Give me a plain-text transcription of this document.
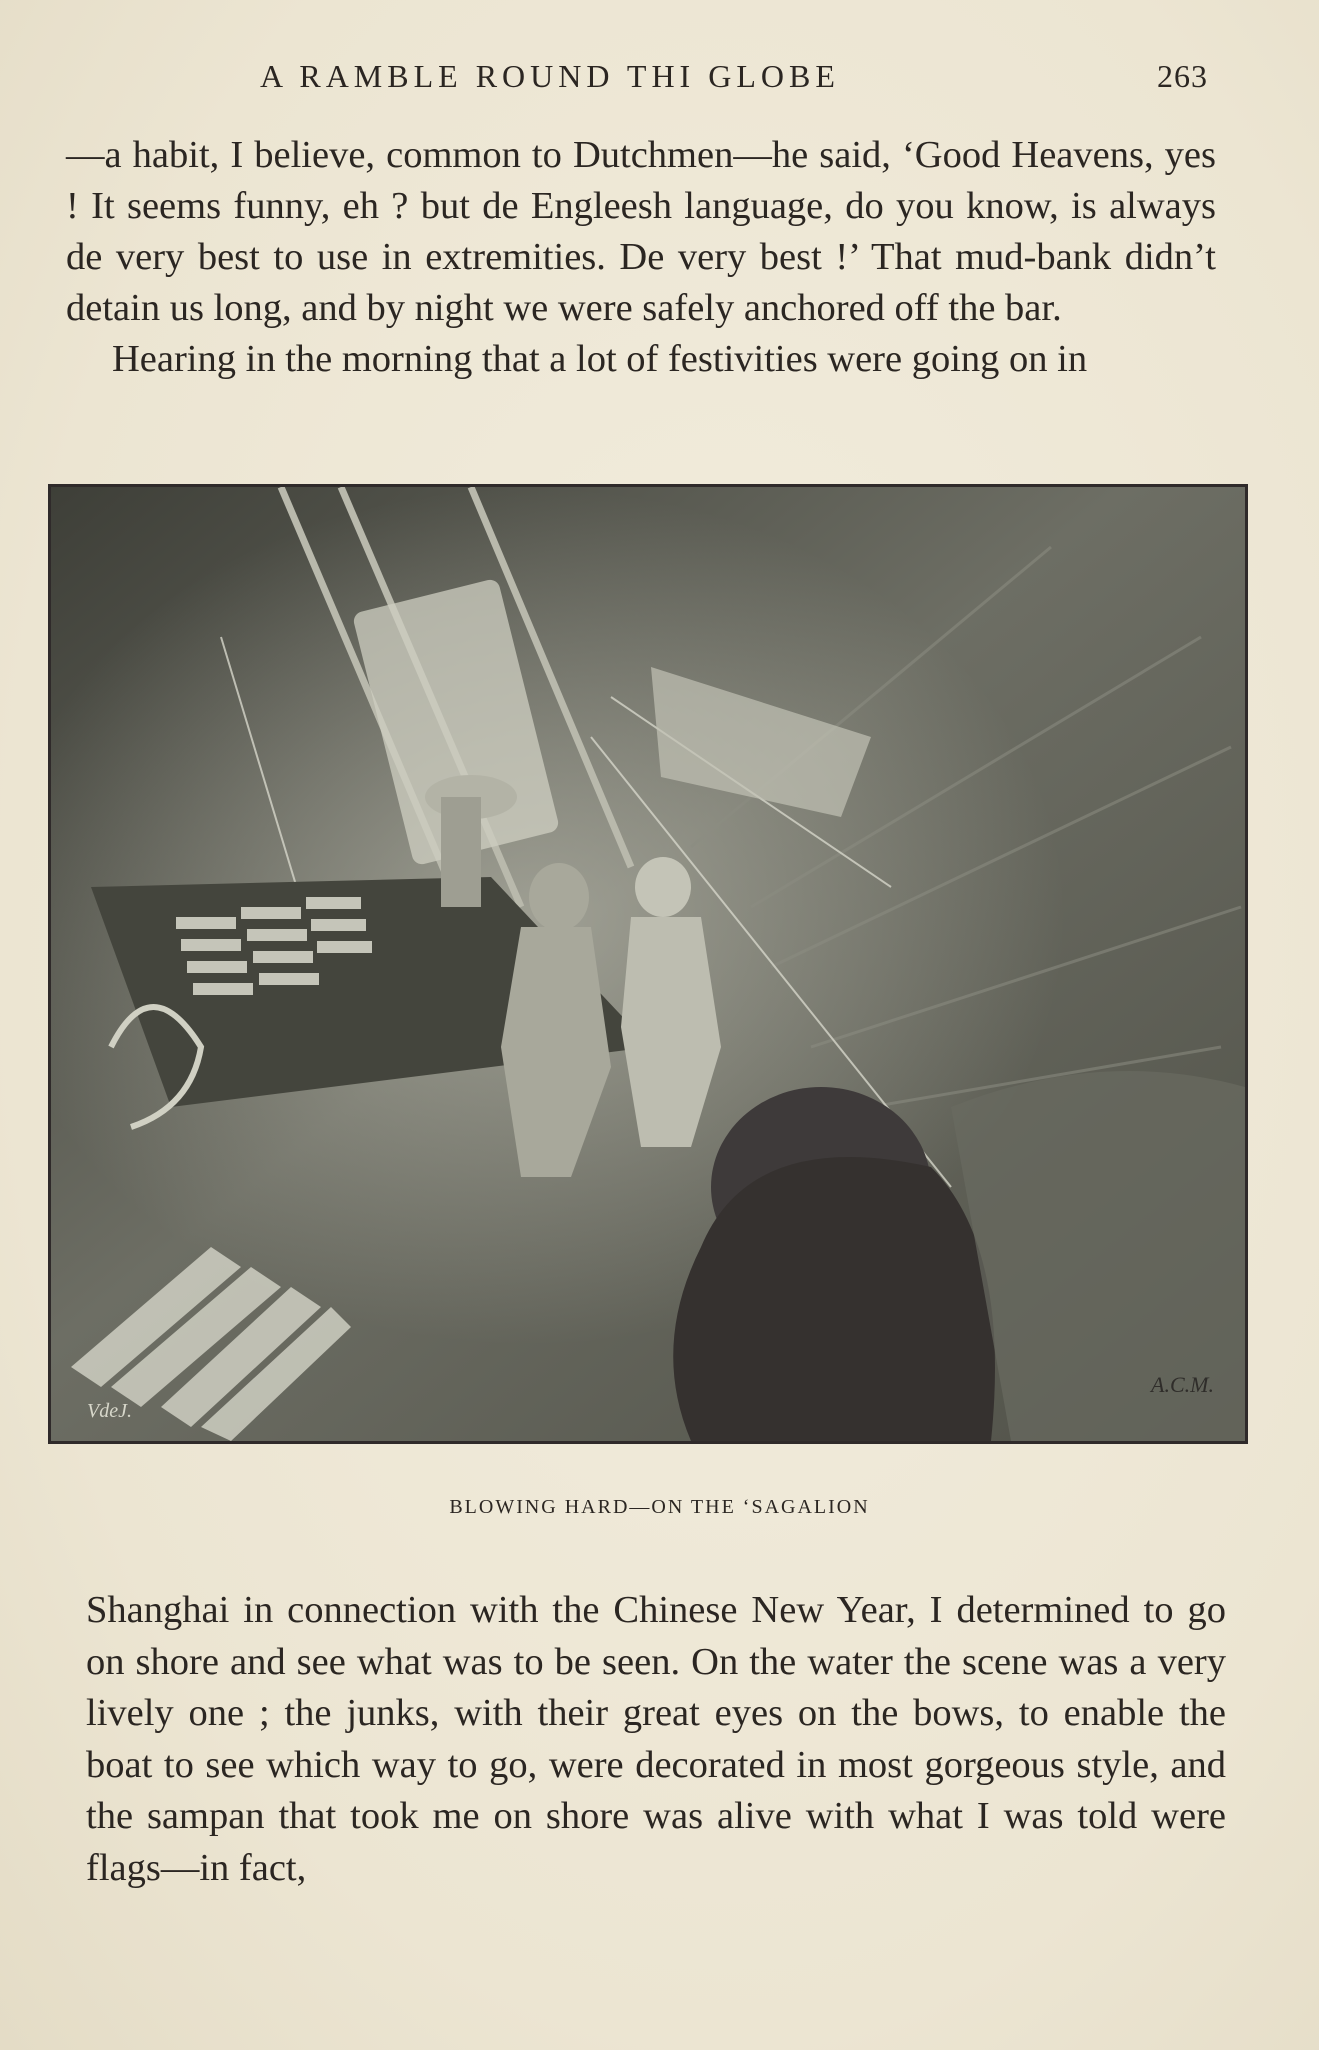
A RAMBLE ROUND THI GLOBE	263

—a habit, I believe, common to Dutchmen—he said, ‘Good Heavens, yes ! It seems funny, eh ? but de Engleesh language, do you know, is always de very best to use in extremities. De very best !’ That mud-bank didn’t detain us long, and by night we were safely anchored off the bar.

Hearing in the morning that a lot of festivities were going on in

VdeJ.
A.C.M.
BLOWING HARD—ON THE ‘SAGALION

Shanghai in connection with the Chinese New Year, I determined to go on shore and see what was to be seen. On the water the scene was a very lively one ; the junks, with their great eyes on the bows, to enable the boat to see which way to go, were decorated in most gorgeous style, and the sampan that took me on shore was alive with what I was told were flags—in fact,
